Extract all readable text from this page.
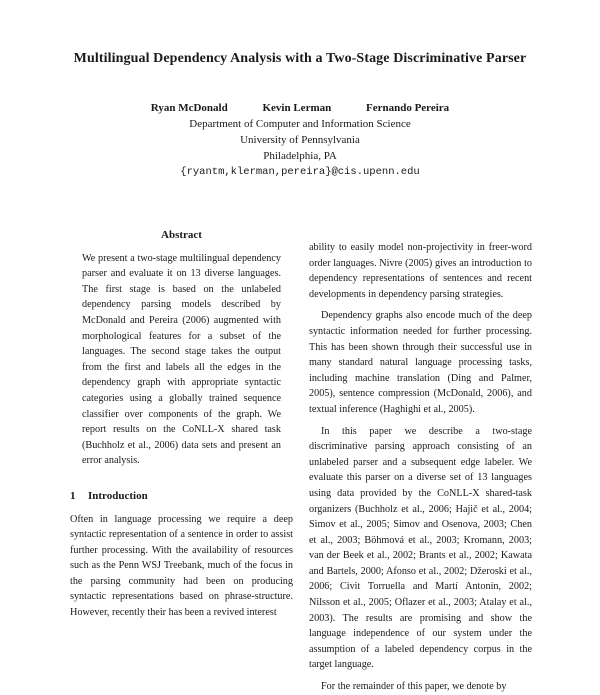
Multilingual Dependency Analysis with a Two-Stage Discriminative Parser
Ryan McDonald	Kevin Lerman	Fernando Pereira
Department of Computer and Information Science
University of Pennsylvania
Philadelphia, PA
{ryantm,klerman,pereira}@cis.upenn.edu
Abstract
We present a two-stage multilingual dependency parser and evaluate it on 13 diverse languages. The first stage is based on the unlabeled dependency parsing models described by McDonald and Pereira (2006) augmented with morphological features for a subset of the languages. The second stage takes the output from the first and labels all the edges in the dependency graph with appropriate syntactic categories using a globally trained sequence classifier over components of the graph. We report results on the CoNLL-X shared task (Buchholz et al., 2006) data sets and present an error analysis.
1 Introduction

Often in language processing we require a deep syntactic representation of a sentence in order to assist further processing. With the availability of resources such as the Penn WSJ Treebank, much of the focus in the parsing community had been on producing syntactic representations based on phrase-structure. However, recently their has been a revived interest

ability to easily model non-projectivity in freer-word order languages. Nivre (2005) gives an introduction to dependency representations of sentences and recent developments in dependency parsing strategies.

Dependency graphs also encode much of the deep syntactic information needed for further processing. This has been shown through their successful use in many standard natural language processing tasks, including machine translation (Ding and Palmer, 2005), sentence compression (McDonald, 2006), and textual inference (Haghighi et al., 2005).

In this paper we describe a two-stage discriminative parsing approach consisting of an unlabeled parser and a subsequent edge labeler. We evaluate this parser on a diverse set of 13 languages using data provided by the CoNLL-X shared-task organizers (Buchholz et al., 2006; Hajič et al., 2004; Simov et al., 2005; Simov and Osenova, 2003; Chen et al., 2003; Böhmová et al., 2003; Kromann, 2003; van der Beek et al., 2002; Brants et al., 2002; Kawata and Bartels, 2000; Afonso et al., 2002; Džeroski et al., 2006; Civit Torruella and Martí Antonín, 2002; Nilsson et al., 2005; Oflazer et al., 2003; Atalay et al., 2003). The results are promising and show the language independence of our system under the assumption of a labeled dependency corpus in the target language.

For the remainder of this paper, we denote by
